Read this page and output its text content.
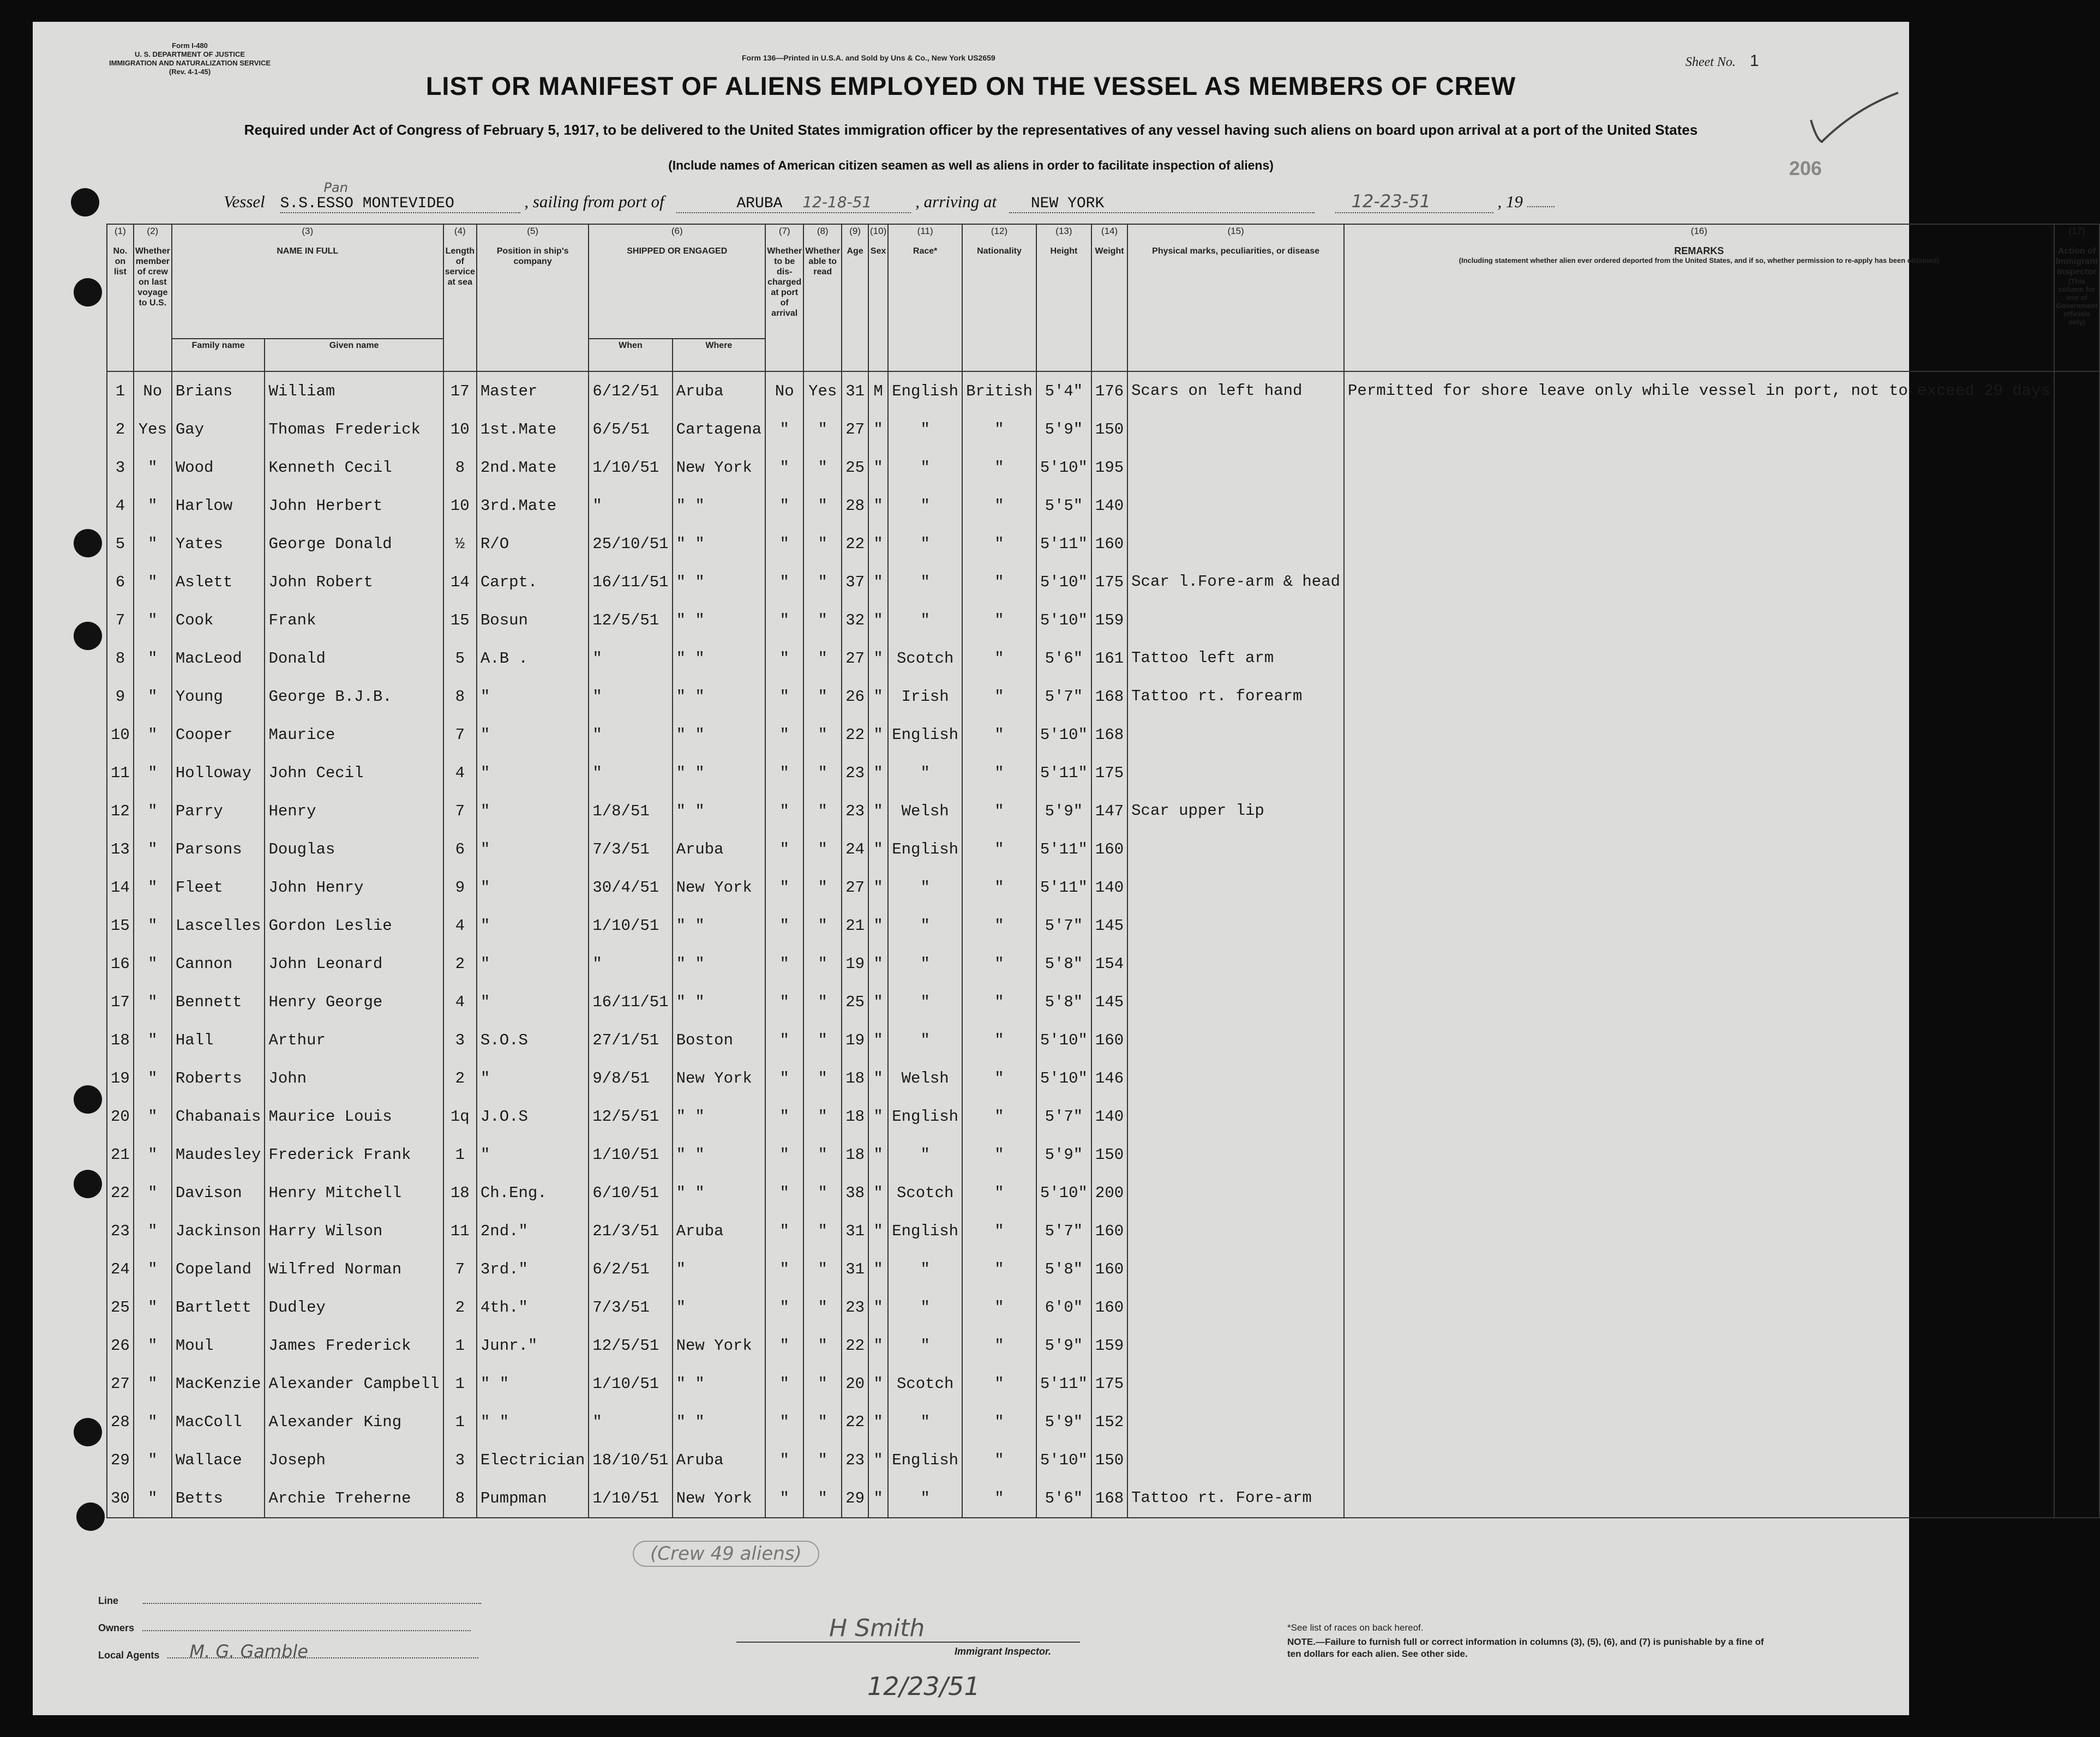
Form I-480
U. S. DEPARTMENT OF JUSTICE
IMMIGRATION AND NATURALIZATION SERVICE
(Rev. 4-1-45)
Form 136—Printed in U.S.A. and Sold by Uns & Co., New York US2659	Sheet No. 1
LIST OR MANIFEST OF ALIENS EMPLOYED ON THE VESSEL AS MEMBERS OF CREW
Required under Act of Congress of February 5, 1917, to be delivered to the United States immigration officer by the representatives of any vessel having such aliens on board upon arrival at a port of the United States
(Include names of American citizen seamen as well as aliens in order to facilitate inspection of aliens)	206
Vessel
Pan
S.S.ESSO MONTEVIDEO	, sailing from port of	ARUBA 12-18-51	, arriving at NEW YORK	12-23-51	, 19
(1)
No. on list	(2)
Whether member of crew on last voyage to U.S.	(3)
NAME IN FULL		(4)
Length of service at sea	(5)
Position in ship's company	(6)
SHIPPED OR ENGAGED		(7)
Whether to be dis-charged at port of arrival	(8)
Whether able to read	(9)
Age	(10)
Sex	(11)
Race*	(12)
Nationality	(13)
Height	(14)
Weight	(15)
Physical marks, peculiarities, or disease	(16)
REMARKS
(Including statement whether alien ever ordered deported from the United States, and if so, whether permission to re-apply has been obtained)	(17)
Action of Immigrant Inspector
(This column for use of Government officials only)

		Family name	Given name			When	Where											
1	No	Brians	William	17	Master	6/12/51	Aruba	No	Yes	31	M	English	British	5'4"	176	Scars on left hand	Permitted for shore leave only while vessel in port, not to exceed 29 days	
2	Yes	Gay	Thomas Frederick	10	1st.Mate	6/5/51	Cartagena	"	"	27	"	"	"	5'9"	150			
3	"	Wood	Kenneth Cecil	8	2nd.Mate	1/10/51	New York	"	"	25	"	"	"	5'10"	195			
4	"	Harlow	John Herbert	10	3rd.Mate	"	" "	"	"	28	"	"	"	5'5"	140			
5	"	Yates	George Donald	½	R/O	25/10/51	" "	"	"	22	"	"	"	5'11"	160			
6	"	Aslett	John Robert	14	Carpt.	16/11/51	" "	"	"	37	"	"	"	5'10"	175	Scar l.Fore-arm & head		
7	"	Cook	Frank	15	Bosun	12/5/51	" "	"	"	32	"	"	"	5'10"	159			
8	"	MacLeod	Donald	5	A.B .	"	" "	"	"	27	"	Scotch	"	5'6"	161	Tattoo left arm		
9	"	Young	George B.J.B.	8	"	"	" "	"	"	26	"	Irish	"	5'7"	168	Tattoo rt. forearm		
10	"	Cooper	Maurice	7	"	"	" "	"	"	22	"	English	"	5'10"	168			
11	"	Holloway	John Cecil	4	"	"	" "	"	"	23	"	"	"	5'11"	175			
12	"	Parry	Henry	7	"	1/8/51	" "	"	"	23	"	Welsh	"	5'9"	147	Scar upper lip		
13	"	Parsons	Douglas	6	"	7/3/51	Aruba	"	"	24	"	English	"	5'11"	160			
14	"	Fleet	John Henry	9	"	30/4/51	New York	"	"	27	"	"	"	5'11"	140			
15	"	Lascelles	Gordon Leslie	4	"	1/10/51	" "	"	"	21	"	"	"	5'7"	145			
16	"	Cannon	John Leonard	2	"	"	" "	"	"	19	"	"	"	5'8"	154			
17	"	Bennett	Henry George	4	"	16/11/51	" "	"	"	25	"	"	"	5'8"	145			
18	"	Hall	Arthur	3	S.O.S	27/1/51	Boston	"	"	19	"	"	"	5'10"	160			
19	"	Roberts	John	2	"	9/8/51	New York	"	"	18	"	Welsh	"	5'10"	146			
20	"	Chabanais	Maurice Louis	1q	J.O.S	12/5/51	" "	"	"	18	"	English	"	5'7"	140			
21	"	Maudesley	Frederick Frank	1	"	1/10/51	" "	"	"	18	"	"	"	5'9"	150			
22	"	Davison	Henry Mitchell	18	Ch.Eng.	6/10/51	" "	"	"	38	"	Scotch	"	5'10"	200			
23	"	Jackinson	Harry Wilson	11	2nd."	21/3/51	Aruba	"	"	31	"	English	"	5'7"	160			
24	"	Copeland	Wilfred Norman	7	3rd."	6/2/51	"	"	"	31	"	"	"	5'8"	160			
25	"	Bartlett	Dudley	2	4th."	7/3/51	"	"	"	23	"	"	"	6'0"	160			
26	"	Moul	James Frederick	1	Junr."	12/5/51	New York	"	"	22	"	"	"	5'9"	159			
27	"	MacKenzie	Alexander Campbell	1	" "	1/10/51	" "	"	"	20	"	Scotch	"	5'11"	175			
28	"	MacColl	Alexander King	1	" "	"	" "	"	"	22	"	"	"	5'9"	152			
29	"	Wallace	Joseph	3	Electrician	18/10/51	Aruba	"	"	23	"	English	"	5'10"	150			
30	"	Betts	Archie Treherne	8	Pumpman	1/10/51	New York	"	"	29	"	"	"	5'6"	168	Tattoo rt. Fore-arm		
(Crew 49 aliens)
Line
Owners
Local Agents M. G. Gamble
H Smith
Immigrant Inspector.
12/23/51
*See list of races on back hereof.
NOTE.—Failure to furnish full or correct information in columns (3), (5), (6), and (7) is punishable by a fine of ten dollars for each alien. See other side.
